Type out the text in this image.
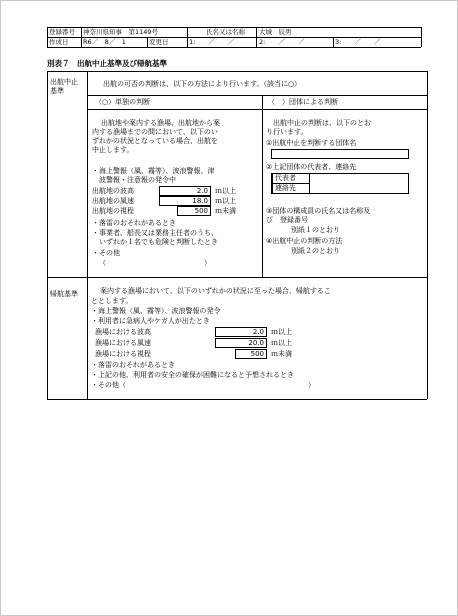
登録番号 神奈川県知事　第1149号	氏名又は名称 大城　辰男
作成日 R6／　8／　1	変更日	1:　　／　　／	2:　　／　　／	3:　　／　　／
別表７　出航中止基準及び帰航基準
出航中止
基準
出航の可否の判断は、以下の方法により行います。（該当に○）
（○）単独の判断	（　）団体による判断
出航地や案内する漁場、出航地から案
内する漁場までの間において、以下のい
ずれかの状況となっている場合、出航を
中止します。
・海上警報（風、霧等）、波浪警報、津
波警報・注意報の発令中
出航地の波高	2.0	ｍ以上
出航地の風速	18.0	ｍ以上
出航地の視程	500	ｍ未満
・落雷のおそれがあるとき
・事業者、船長又は業務主任者のうち、
いずれか１名でも危険と判断したとき
・その他
（　　　　　　　　　　　　　　）
出航中止の判断は、以下のとお
り行います。
①出航中止を判断する団体名
②上記団体の代表者、連絡先
代表者
連絡先
③団体の構成員の氏名又は名称及
び　登録番号
別紙１のとおり
④出航中止の判断の方法
別紙２のとおり
帰航基準	案内する漁場において、以下のいずれかの状況に至った場合、帰航するこ
ととします。
・海上警報（風、霧等）、波浪警報の発令
・利用者に急病人やケガ人が出たとき
漁場における波高	2.0	ｍ以上
漁場における風速	20.0	ｍ以上
漁場における視程	500	ｍ未満
・落雷のおそれがあるとき
・上記の他、利用者の安全の確保が困難になると予想されるとき
・その他（　　　　　　　　　　　　　　　　　　　　　　　　　　）
